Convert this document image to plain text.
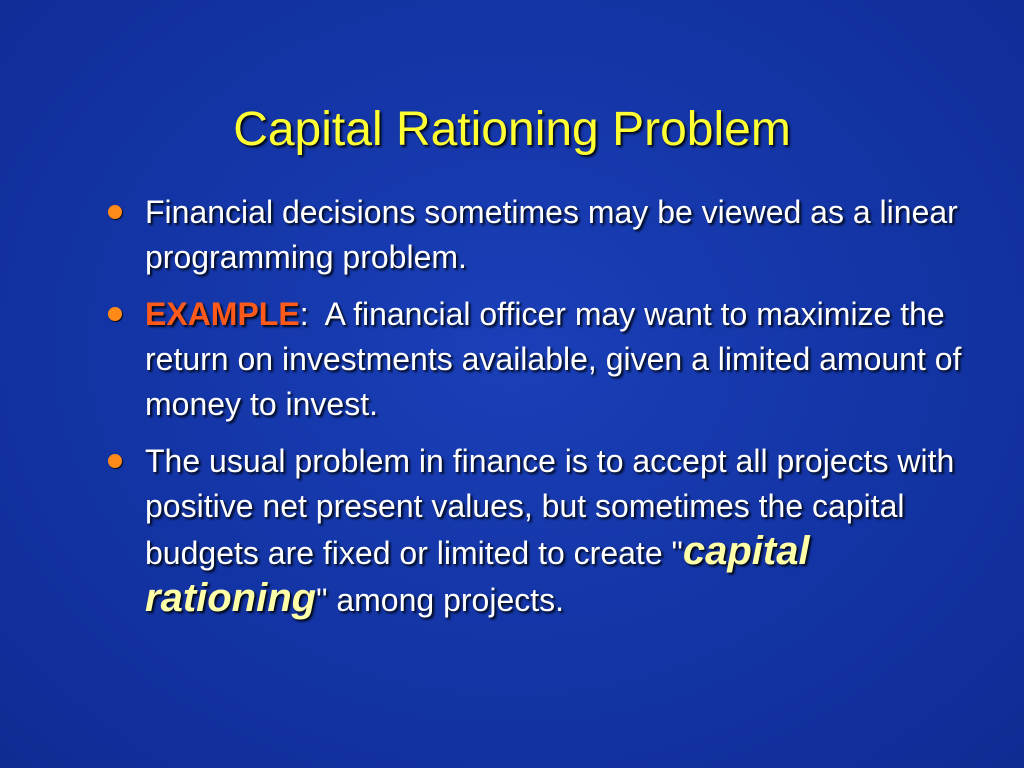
Capital Rationing Problem
Financial decisions sometimes may be viewed as a linear programming problem.
EXAMPLE:  A financial officer may want to maximize the return on investments available, given a limited amount of money to invest.
The usual problem in finance is to accept all projects with positive net present values, but sometimes the capital budgets are fixed or limited to create "capital rationing" among projects.
